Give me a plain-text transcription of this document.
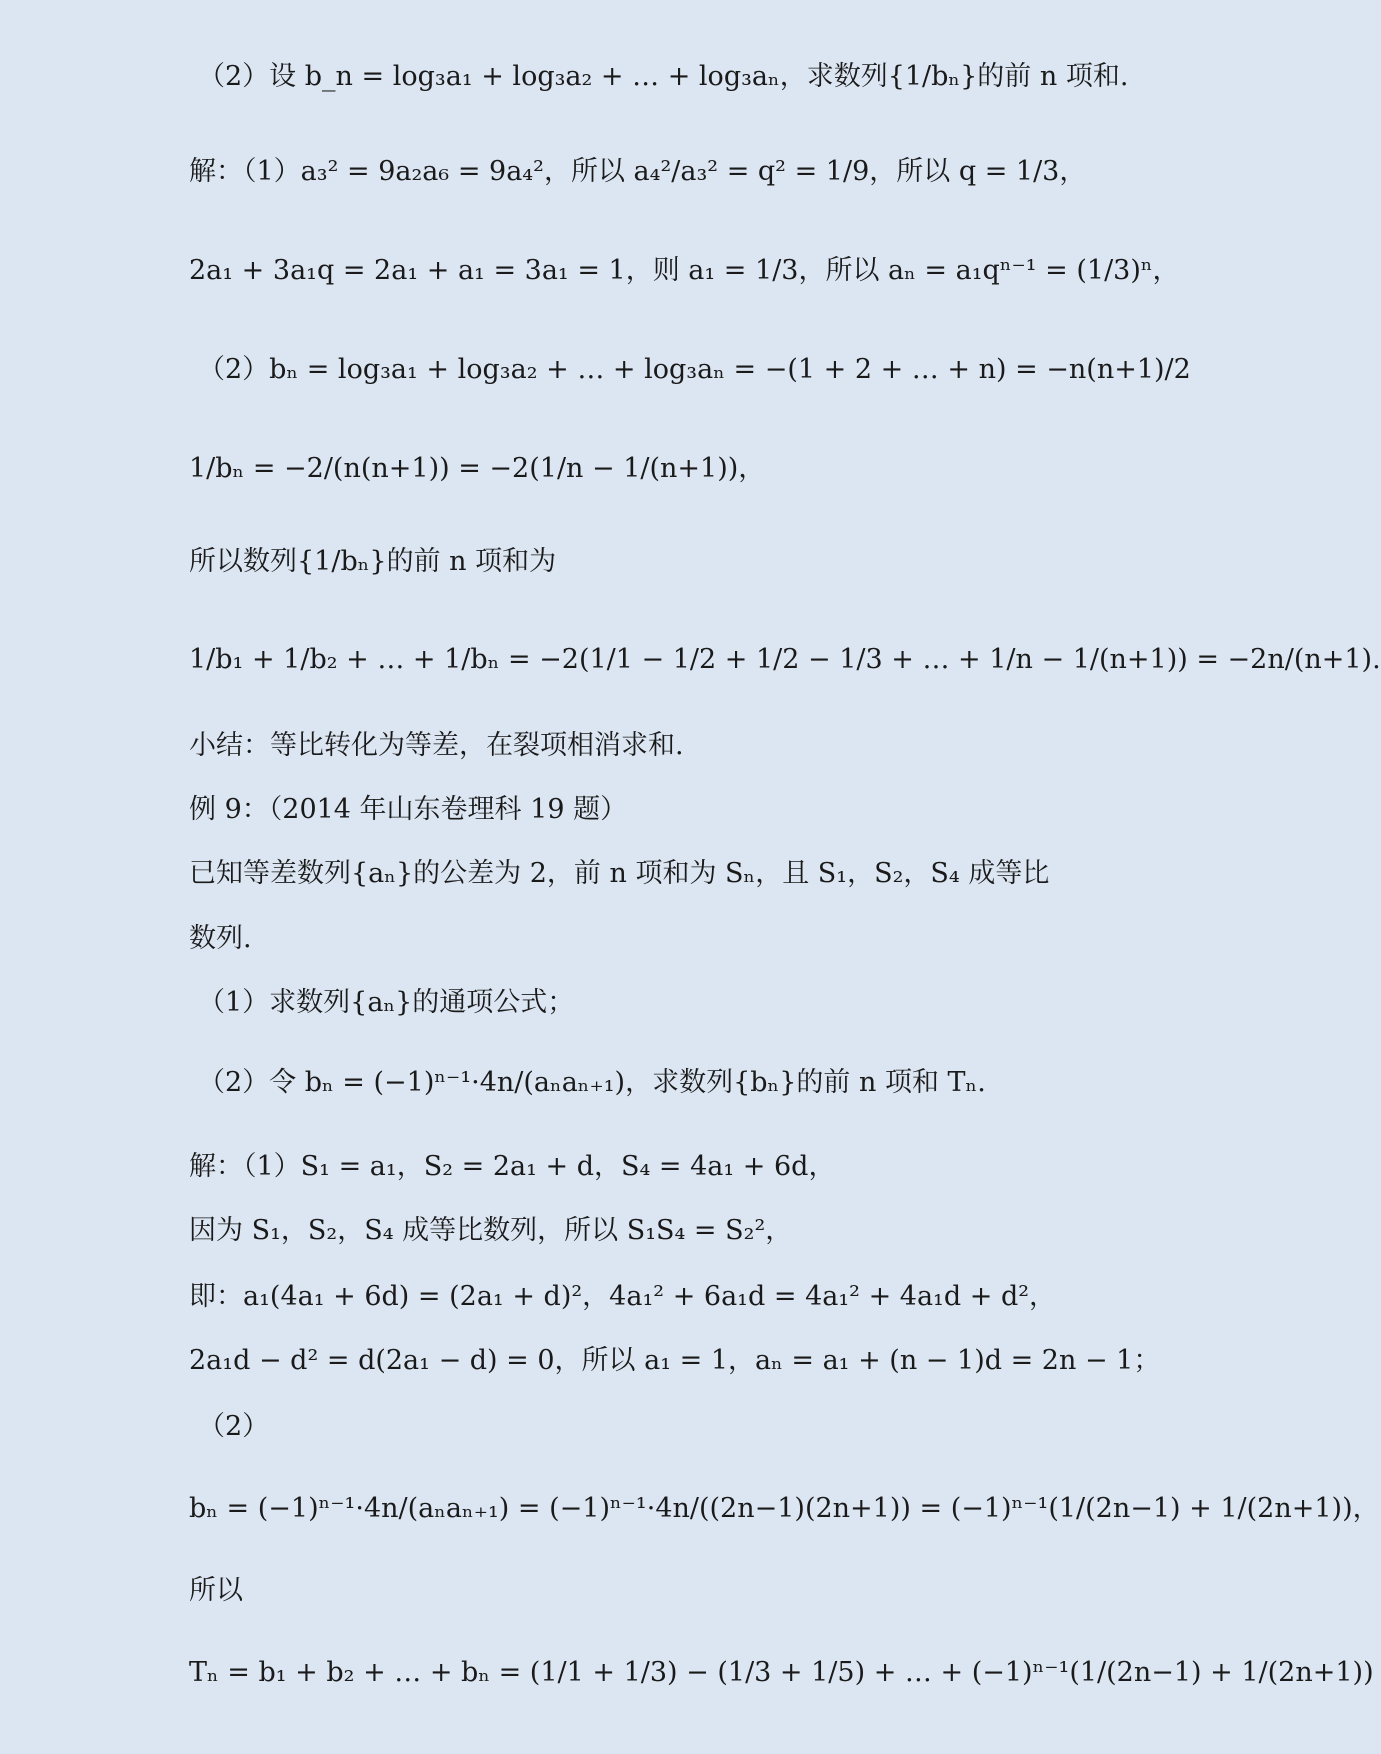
（2）设 b_n = log₃a₁ + log₃a₂ + … + log₃aₙ，求数列{1/bₙ}的前 n 项和.
解：（1）a₃² = 9a₂a₆ = 9a₄²，所以 a₄²/a₃² = q² = 1/9，所以 q = 1/3，
2a₁ + 3a₁q = 2a₁ + a₁ = 3a₁ = 1，则 a₁ = 1/3，所以 aₙ = a₁qⁿ⁻¹ = (1/3)ⁿ，
（2）bₙ = log₃a₁ + log₃a₂ + … + log₃aₙ = −(1 + 2 + … + n) = −n(n+1)/2
1/bₙ = −2/(n(n+1)) = −2(1/n − 1/(n+1))，
所以数列{1/bₙ}的前 n 项和为
1/b₁ + 1/b₂ + … + 1/bₙ = −2(1/1 − 1/2 + 1/2 − 1/3 + … + 1/n − 1/(n+1)) = −2n/(n+1).
小结：等比转化为等差，在裂项相消求和.
例 9：（2014 年山东卷理科 19 题）
已知等差数列{aₙ}的公差为 2，前 n 项和为 Sₙ，且 S₁，S₂，S₄ 成等比
数列.
（1）求数列{aₙ}的通项公式；
（2）令 bₙ = (−1)ⁿ⁻¹·4n/(aₙaₙ₊₁)，求数列{bₙ}的前 n 项和 Tₙ.
解：（1）S₁ = a₁，S₂ = 2a₁ + d，S₄ = 4a₁ + 6d，
因为 S₁，S₂，S₄ 成等比数列，所以 S₁S₄ = S₂²，
即：a₁(4a₁ + 6d) = (2a₁ + d)²，4a₁² + 6a₁d = 4a₁² + 4a₁d + d²，
2a₁d − d² = d(2a₁ − d) = 0，所以 a₁ = 1，aₙ = a₁ + (n − 1)d = 2n − 1；
（2）
bₙ = (−1)ⁿ⁻¹·4n/(aₙaₙ₊₁) = (−1)ⁿ⁻¹·4n/((2n−1)(2n+1)) = (−1)ⁿ⁻¹(1/(2n−1) + 1/(2n+1))，
所以
Tₙ = b₁ + b₂ + … + bₙ = (1/1 + 1/3) − (1/3 + 1/5) + … + (−1)ⁿ⁻¹(1/(2n−1) + 1/(2n+1))
